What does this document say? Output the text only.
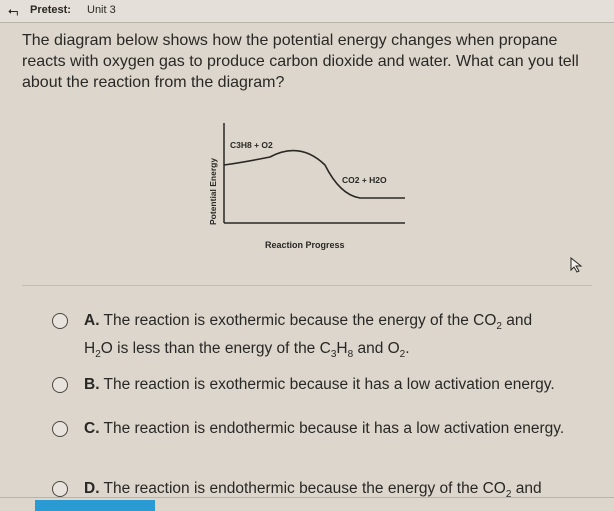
⮢ Pretest: Unit 3
The diagram below shows how the potential energy changes when propane reacts with oxygen gas to produce carbon dioxide and water. What can you tell about the reaction from the diagram?
Potential Energy
Reaction Progress
C3H8 + O2
CO2 + H2O
A. The reaction is exothermic because the energy of the $CO_2$ and
$H_2O$ is less than the energy of the $C_3H_8$ and $O_2$.
B. The reaction is exothermic because it has a low activation energy.
C. The reaction is endothermic because it has a low activation energy.
D. The reaction is endothermic because the energy of the $CO_2$ and
